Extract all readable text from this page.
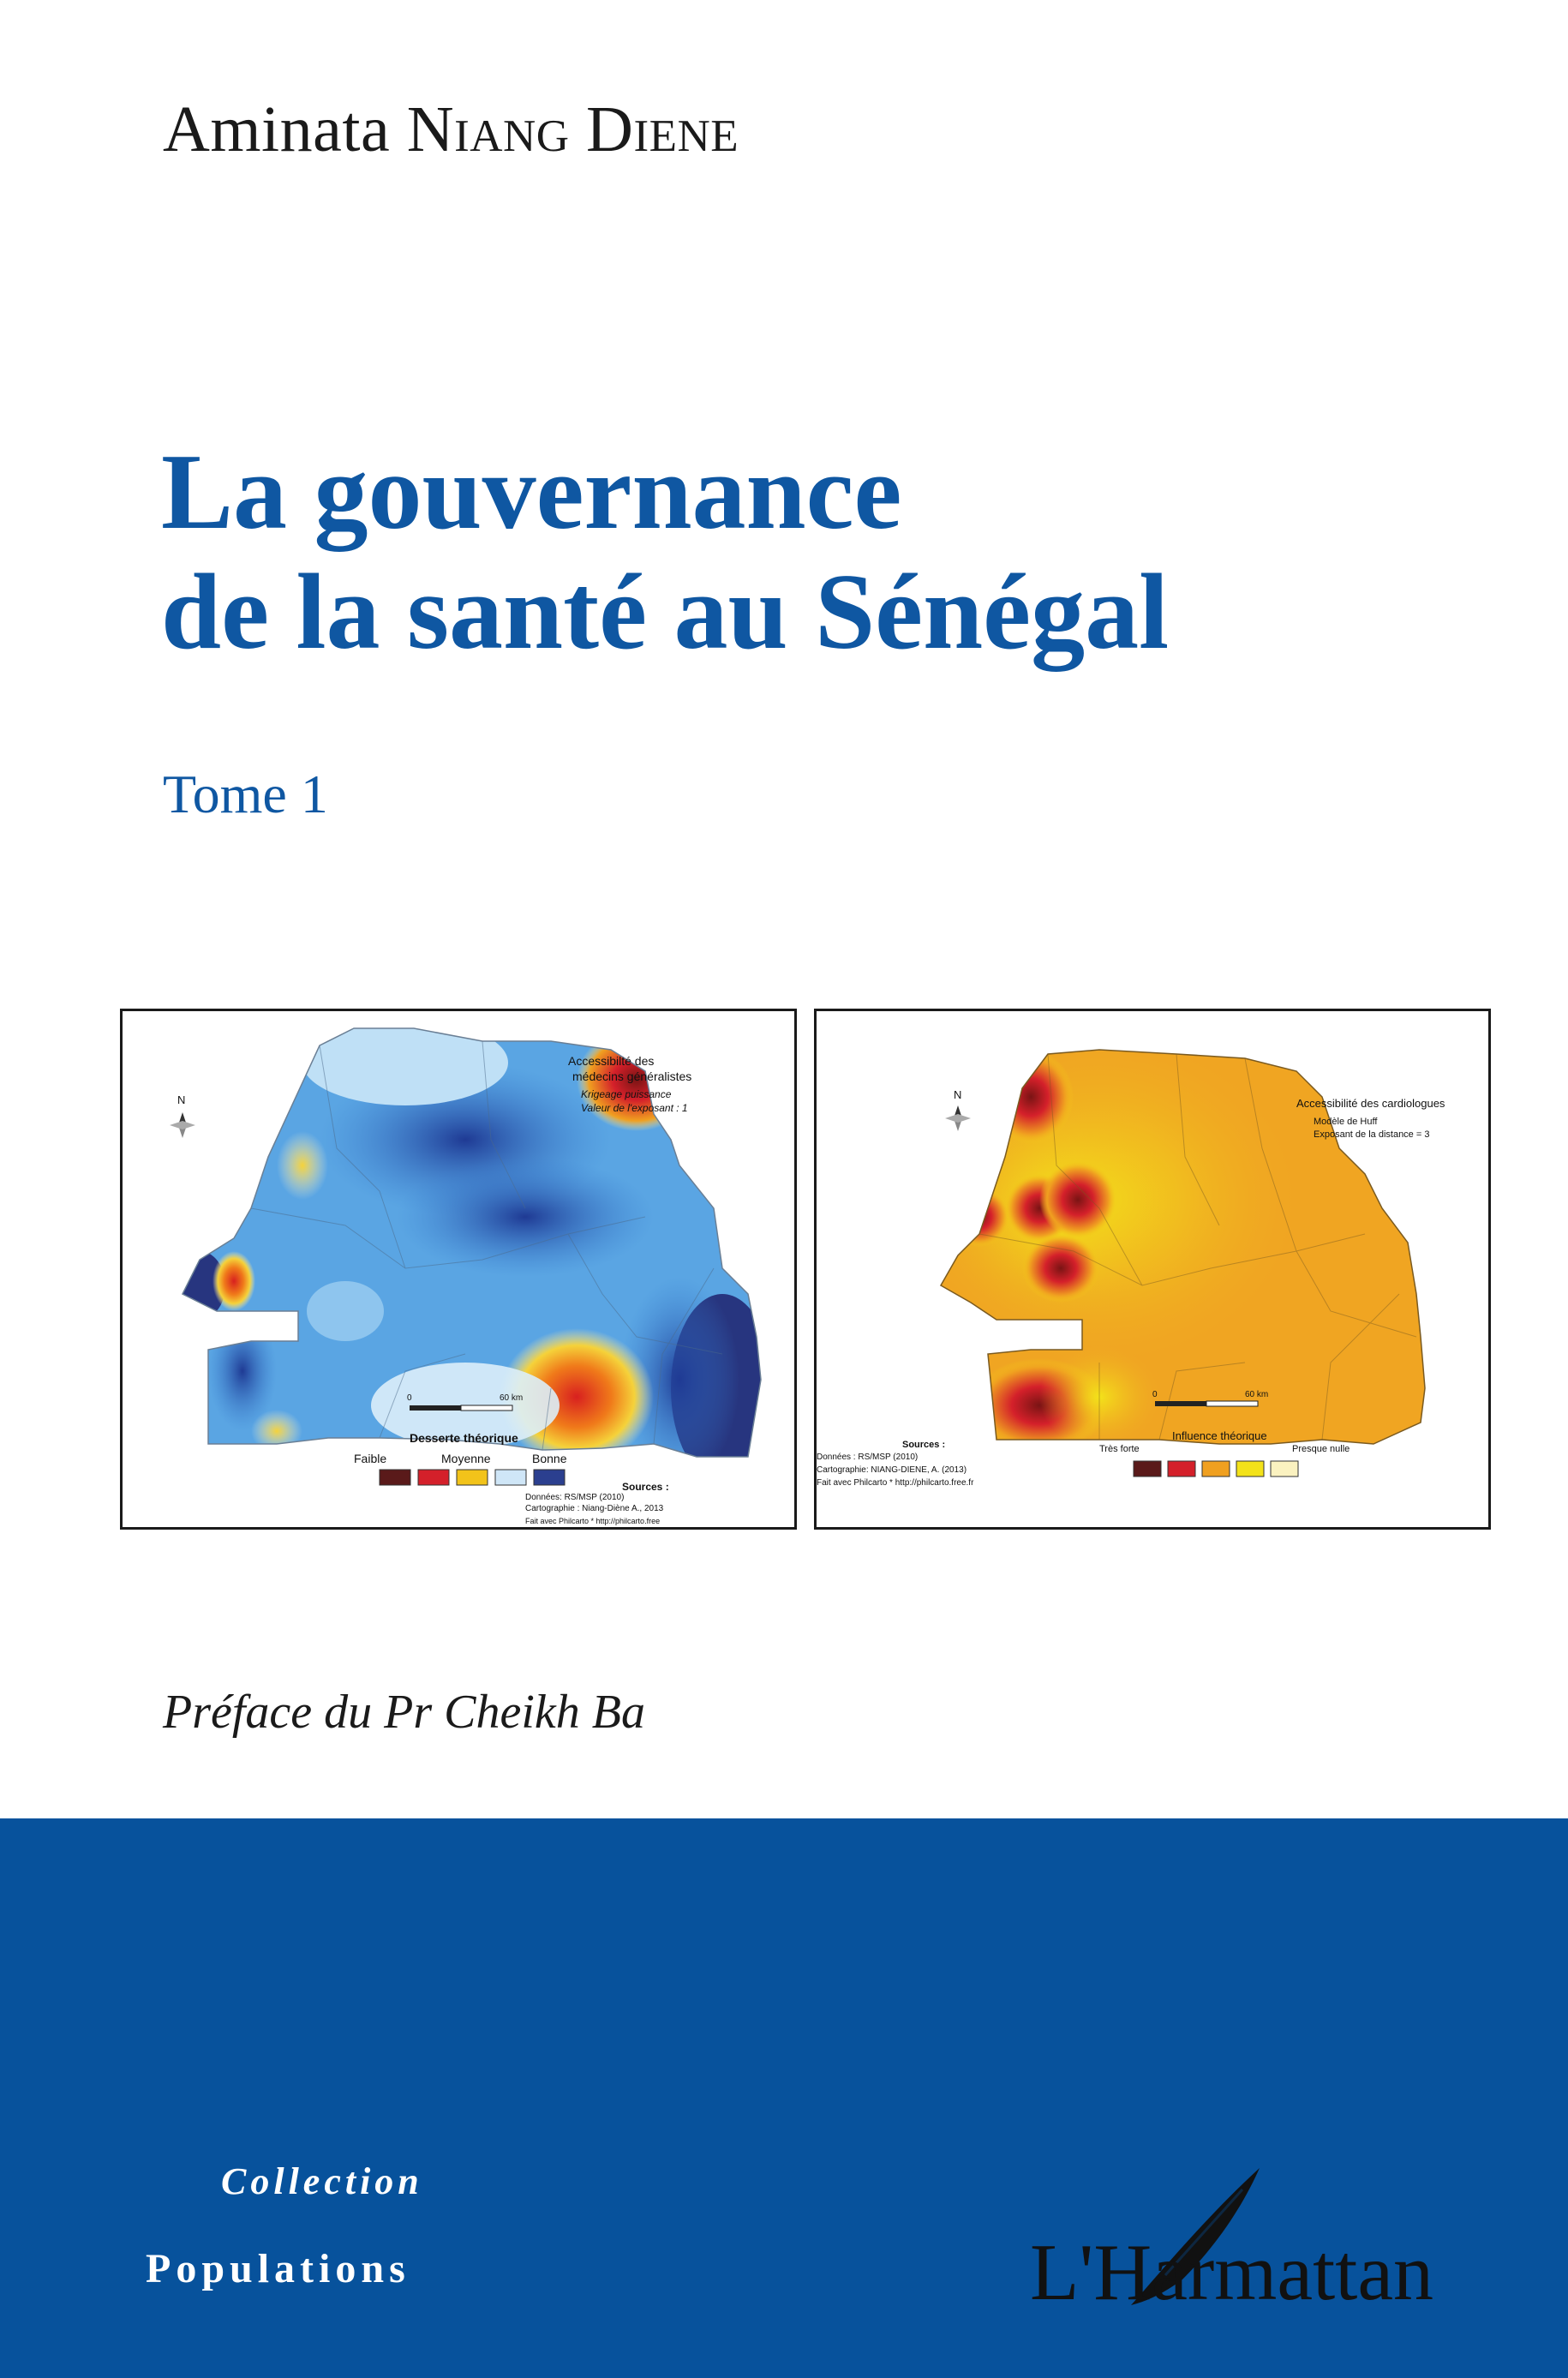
Aminata Niang Diene
La gouvernance
de la santé au Sénégal
Tome 1
Accessibilté des
médecins généralistes
Krigeage puissance
Valeur de l'exposant : 1
N
0	60 km
Desserte théorique
Faible	Moyenne	Bonne
Sources :
Données: RS/MSP (2010)
Cartographie : Niang-Diène A., 2013
Fait avec Philcarto * http://philcarto.free
Accessibilité des cardiologues
Modèle de Huff
Exposant de la distance = 3
N
0	60 km
Influence théorique
Très forte	Presque nulle
Sources :
Données : RS/MSP (2010)
Cartographie: NIANG-DIENE, A. (2013)
Fait avec Philcarto * http://philcarto.free.fr
Préface du Pr Cheikh Ba
Collection
Populations	L'Harmattan
